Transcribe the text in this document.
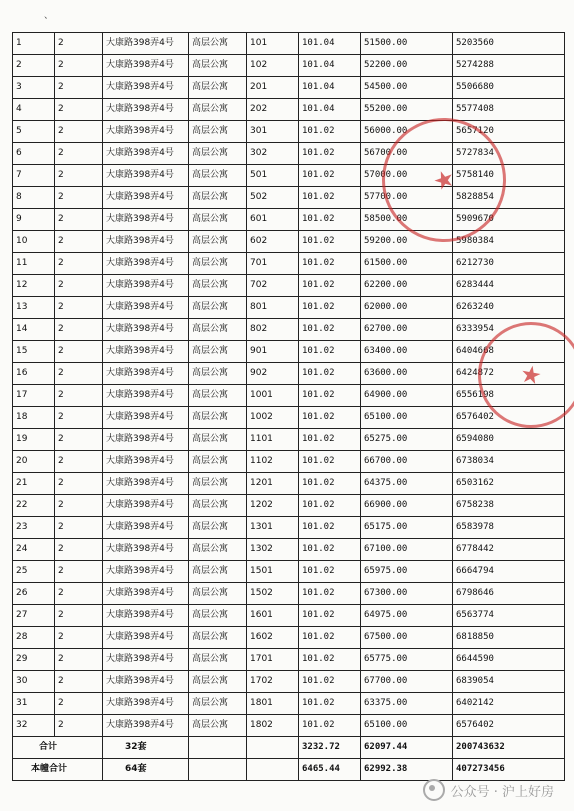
、
1	2	大康路398弄4号	高层公寓	101	101.04	51500.00	5203560
2	2	大康路398弄4号	高层公寓	102	101.04	52200.00	5274288
3	2	大康路398弄4号	高层公寓	201	101.04	54500.00	5506680
4	2	大康路398弄4号	高层公寓	202	101.04	55200.00	5577408
5	2	大康路398弄4号	高层公寓	301	101.02	56000.00	5657120
6	2	大康路398弄4号	高层公寓	302	101.02	56700.00	5727834
7	2	大康路398弄4号	高层公寓	501	101.02	57000.00	5758140
8	2	大康路398弄4号	高层公寓	502	101.02	57700.00	5828854
9	2	大康路398弄4号	高层公寓	601	101.02	58500.00	5909670
10	2	大康路398弄4号	高层公寓	602	101.02	59200.00	5980384
11	2	大康路398弄4号	高层公寓	701	101.02	61500.00	6212730
12	2	大康路398弄4号	高层公寓	702	101.02	62200.00	6283444
13	2	大康路398弄4号	高层公寓	801	101.02	62000.00	6263240
14	2	大康路398弄4号	高层公寓	802	101.02	62700.00	6333954
15	2	大康路398弄4号	高层公寓	901	101.02	63400.00	6404668
16	2	大康路398弄4号	高层公寓	902	101.02	63600.00	6424872
17	2	大康路398弄4号	高层公寓	1001	101.02	64900.00	6556198
18	2	大康路398弄4号	高层公寓	1002	101.02	65100.00	6576402
19	2	大康路398弄4号	高层公寓	1101	101.02	65275.00	6594080
20	2	大康路398弄4号	高层公寓	1102	101.02	66700.00	6738034
21	2	大康路398弄4号	高层公寓	1201	101.02	64375.00	6503162
22	2	大康路398弄4号	高层公寓	1202	101.02	66900.00	6758238
23	2	大康路398弄4号	高层公寓	1301	101.02	65175.00	6583978
24	2	大康路398弄4号	高层公寓	1302	101.02	67100.00	6778442
25	2	大康路398弄4号	高层公寓	1501	101.02	65975.00	6664794
26	2	大康路398弄4号	高层公寓	1502	101.02	67300.00	6798646
27	2	大康路398弄4号	高层公寓	1601	101.02	64975.00	6563774
28	2	大康路398弄4号	高层公寓	1602	101.02	67500.00	6818850
29	2	大康路398弄4号	高层公寓	1701	101.02	65775.00	6644590
30	2	大康路398弄4号	高层公寓	1702	101.02	67700.00	6839054
31	2	大康路398弄4号	高层公寓	1801	101.02	63375.00	6402142
32	2	大康路398弄4号	高层公寓	1802	101.02	65100.00	6576402
合计		32套			3232.72	62097.44	200743632
本幢合计		64套			6465.44	62992.38	407273456
★
★
公众号 · 沪上好房
